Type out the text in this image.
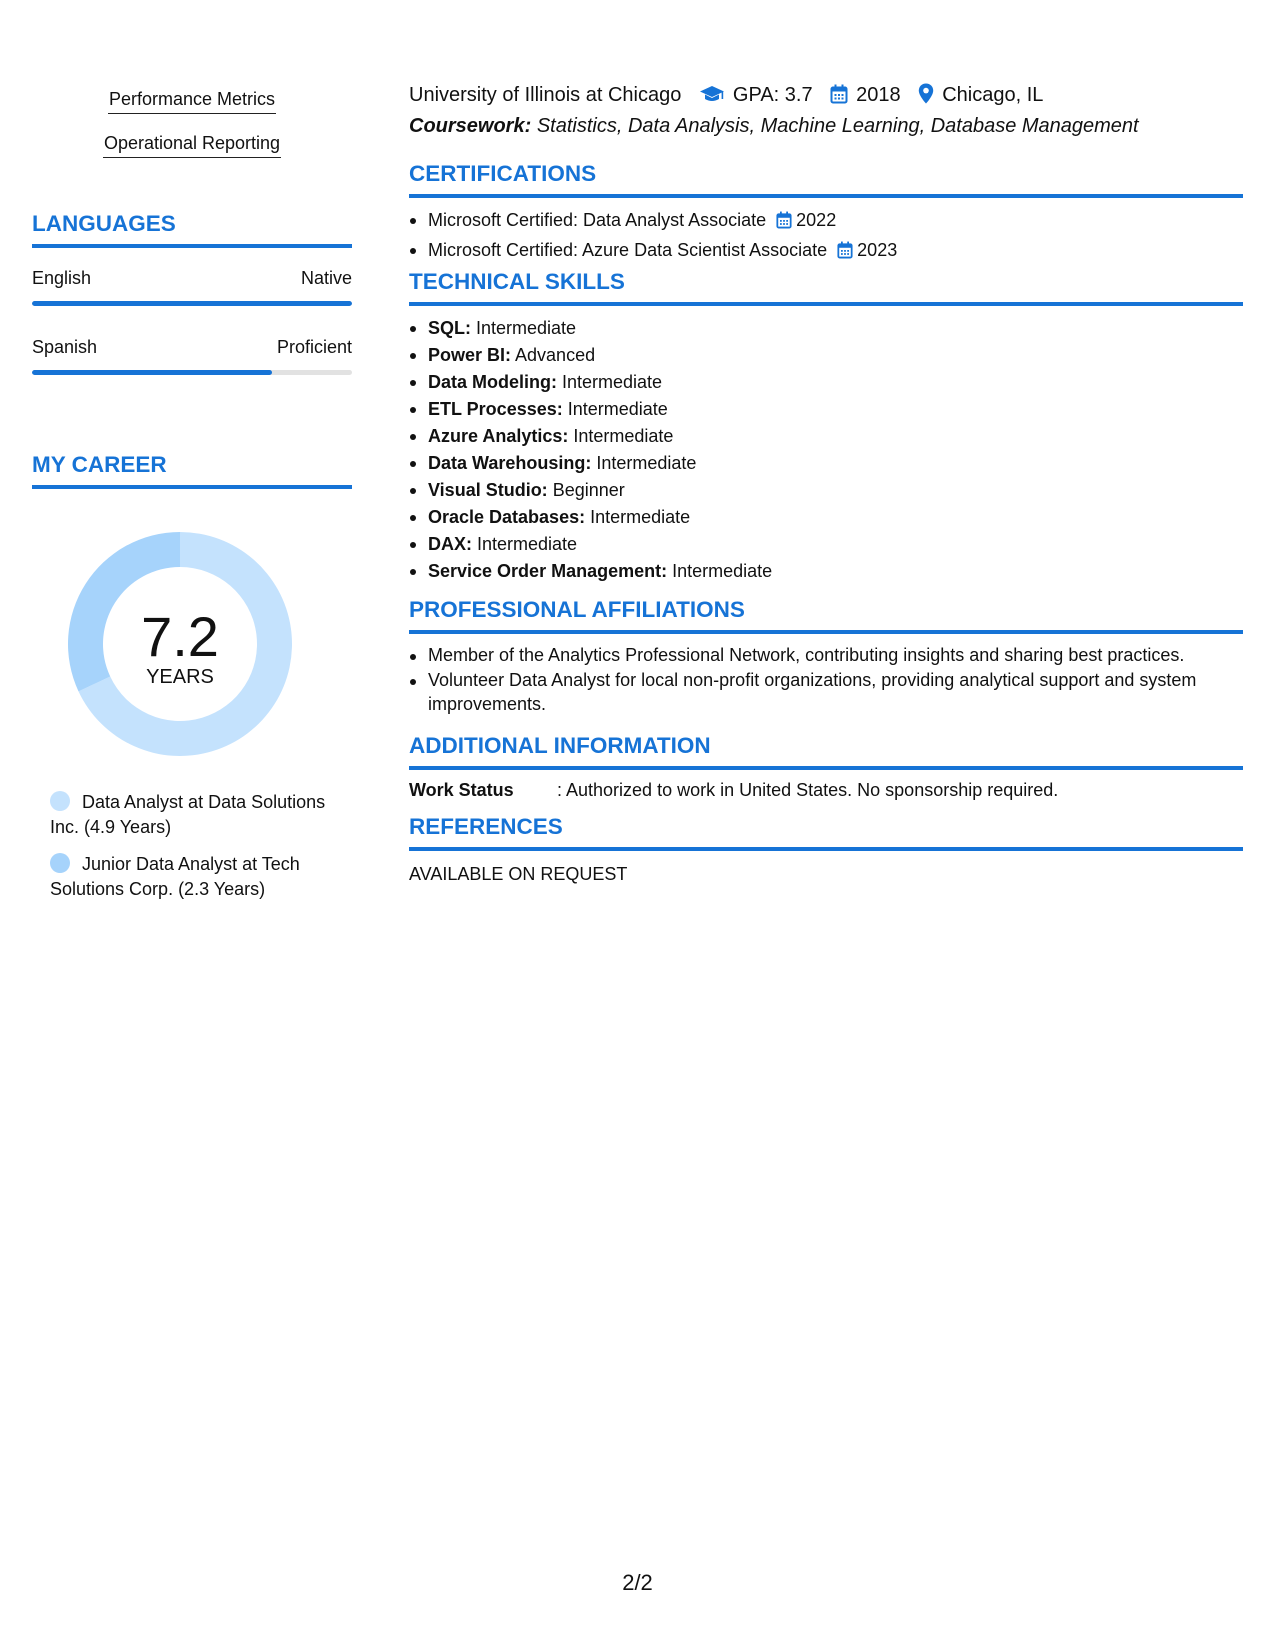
Performance Metrics
Operational Reporting
LANGUAGES
English	Native
Spanish	Proficient
MY CAREER
7.2
YEARS
Data Analyst at Data Solutions Inc. (4.9 Years)
Junior Data Analyst at Tech Solutions Corp. (2.3 Years)
University of Illinois at Chicago	GPA: 3.7 2018 Chicago, IL
Coursework: Statistics, Data Analysis, Machine Learning, Database Management
CERTIFICATIONS
Microsoft Certified: Data Analyst Associate 2022
Microsoft Certified: Azure Data Scientist Associate 2023
TECHNICAL SKILLS
SQL: Intermediate
Power BI: Advanced
Data Modeling: Intermediate
ETL Processes: Intermediate
Azure Analytics: Intermediate
Data Warehousing: Intermediate
Visual Studio: Beginner
Oracle Databases: Intermediate
DAX: Intermediate
Service Order Management: Intermediate
PROFESSIONAL AFFILIATIONS
Member of the Analytics Professional Network, contributing insights and sharing best practices.
Volunteer Data Analyst for local non-profit organizations, providing analytical support and system improvements.
ADDITIONAL INFORMATION
Work Status : Authorized to work in United States. No sponsorship required.
REFERENCES
AVAILABLE ON REQUEST
2/2
